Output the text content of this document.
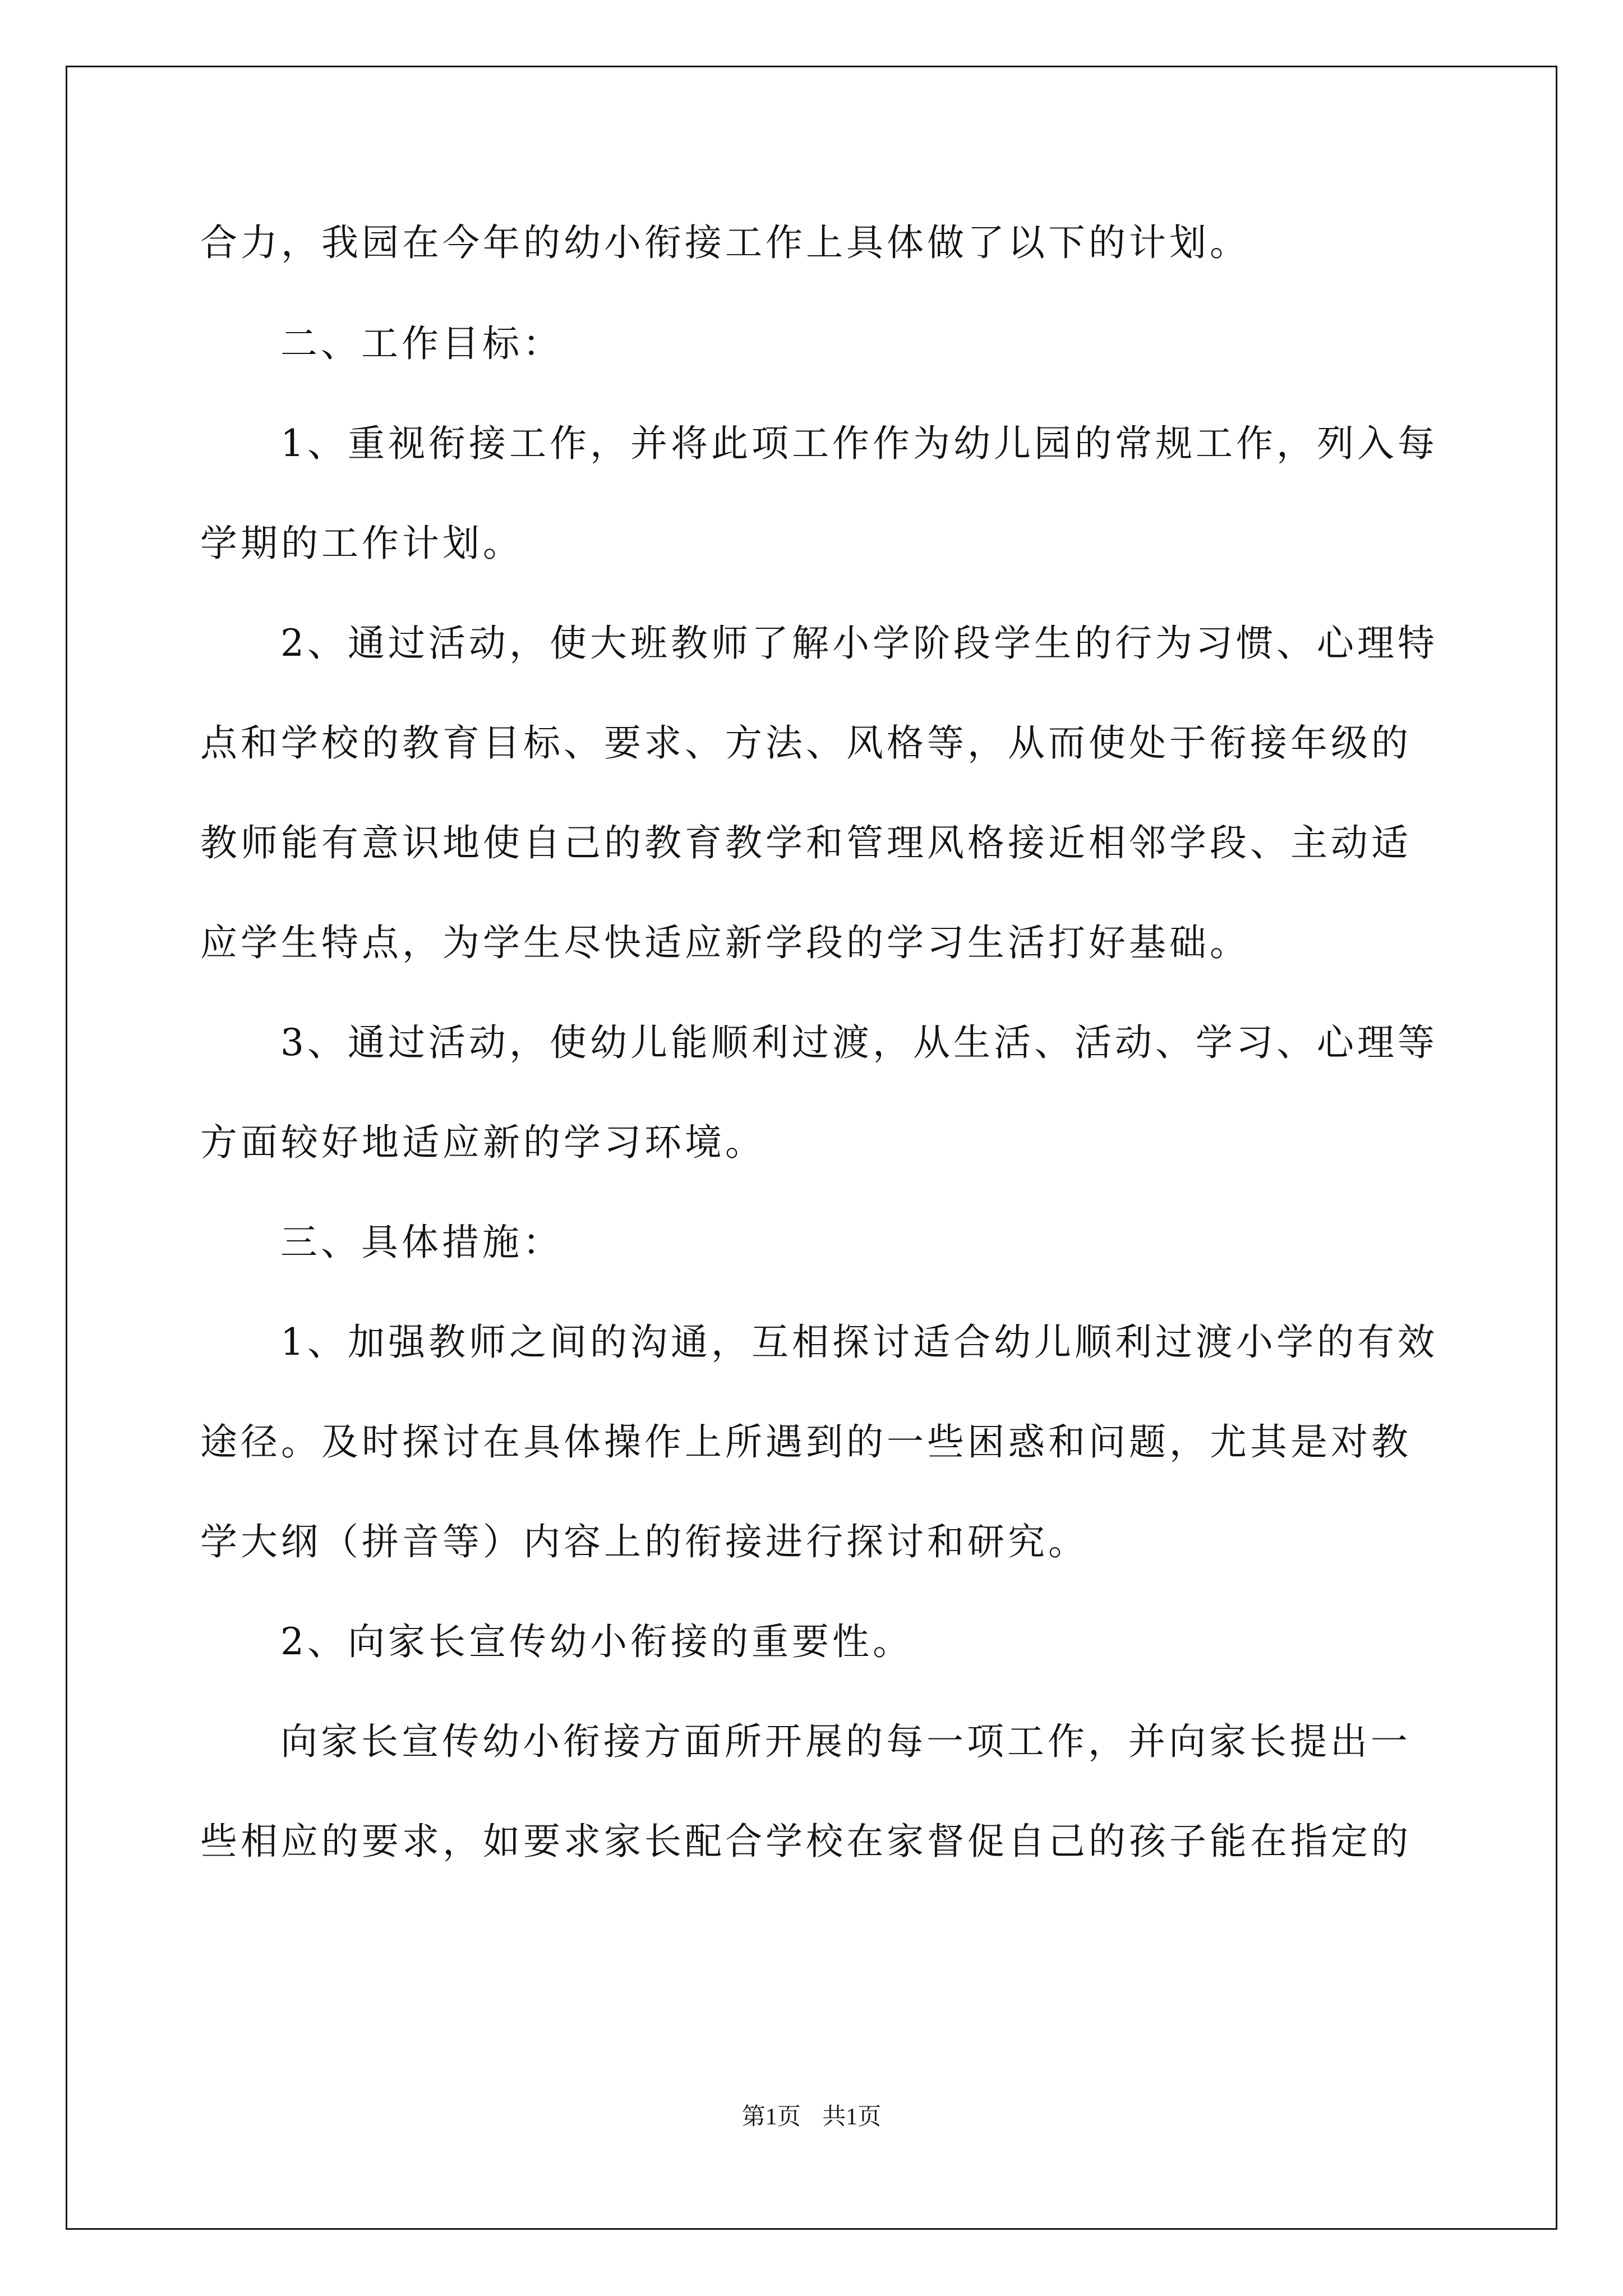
合力，我园在今年的幼小衔接工作上具体做了以下的计划。
二、工作目标：
1、重视衔接工作，并将此项工作作为幼儿园的常规工作，列入每
学期的工作计划。
2、通过活动，使大班教师了解小学阶段学生的行为习惯、心理特
点和学校的教育目标、要求、方法、风格等，从而使处于衔接年级的
教师能有意识地使自己的教育教学和管理风格接近相邻学段、主动适
应学生特点，为学生尽快适应新学段的学习生活打好基础。
3、通过活动，使幼儿能顺利过渡，从生活、活动、学习、心理等
方面较好地适应新的学习环境。
三、具体措施：
1、加强教师之间的沟通，互相探讨适合幼儿顺利过渡小学的有效
途径。及时探讨在具体操作上所遇到的一些困惑和问题，尤其是对教
学大纲（拼音等）内容上的衔接进行探讨和研究。
2、向家长宣传幼小衔接的重要性。
向家长宣传幼小衔接方面所开展的每一项工作，并向家长提出一
些相应的要求，如要求家长配合学校在家督促自己的孩子能在指定的
第1页 共1页
